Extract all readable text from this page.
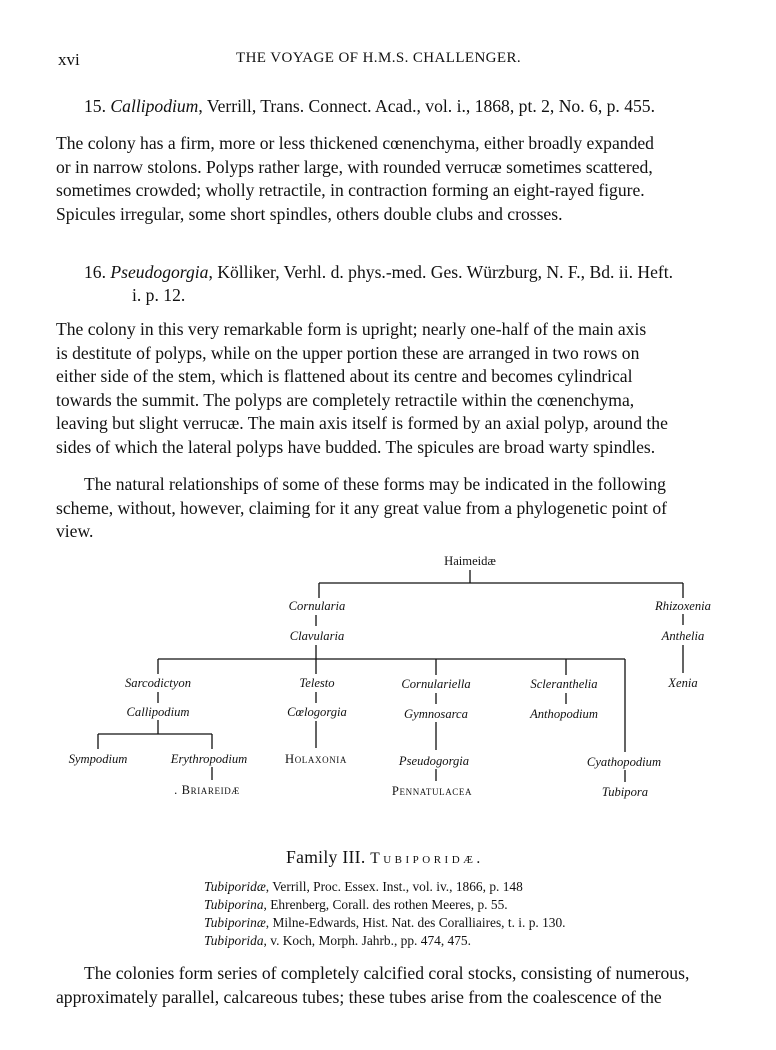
xvi	THE VOYAGE OF H.M.S. CHALLENGER.
15. Callipodium, Verrill, Trans. Connect. Acad., vol. i., 1868, pt. 2, No. 6, p. 455.
The colony has a firm, more or less thickened cœnenchyma, either broadly expanded
or in narrow stolons. Polyps rather large, with rounded verrucæ sometimes scattered,
sometimes crowded; wholly retractile, in contraction forming an eight-rayed figure.
Spicules irregular, some short spindles, others double clubs and crosses.
16. Pseudogorgia, Kölliker, Verhl. d. phys.-med. Ges. Würzburg, N. F., Bd. ii. Heft.
i. p. 12.
The colony in this very remarkable form is upright; nearly one-half of the main axis
is destitute of polyps, while on the upper portion these are arranged in two rows on
either side of the stem, which is flattened about its centre and becomes cylindrical
towards the summit. The polyps are completely retractile within the cœnenchyma,
leaving but slight verrucæ. The main axis itself is formed by an axial polyp, around the
sides of which the lateral polyps have budded. The spicules are broad warty spindles.
The natural relationships of some of these forms may be indicated in the following
scheme, without, however, claiming for it any great value from a phylogenetic point of
view.
Haimeidæ
Cornularia
Clavularia
Rhizoxenia
Anthelia
Xenia
Sarcodictyon
Callipodium
Sympodium	Erythropodium
. Briareidæ
Telesto
Cœlogorgia
Holaxonia
Cornulariella
Gymnosarca
Pseudogorgia
Pennatulacea
Scleranthelia
Anthopodium
Cyathopodium
Tubipora
Family III. Tubiporidæ.
Tubiporidæ, Verrill, Proc. Essex. Inst., vol. iv., 1866, p. 148
Tubiporina, Ehrenberg, Corall. des rothen Meeres, p. 55.
Tubiporinæ, Milne-Edwards, Hist. Nat. des Coralliaires, t. i. p. 130.
Tubiporida, v. Koch, Morph. Jahrb., pp. 474, 475.
The colonies form series of completely calcified coral stocks, consisting of numerous,
approximately parallel, calcareous tubes; these tubes arise from the coalescence of the
